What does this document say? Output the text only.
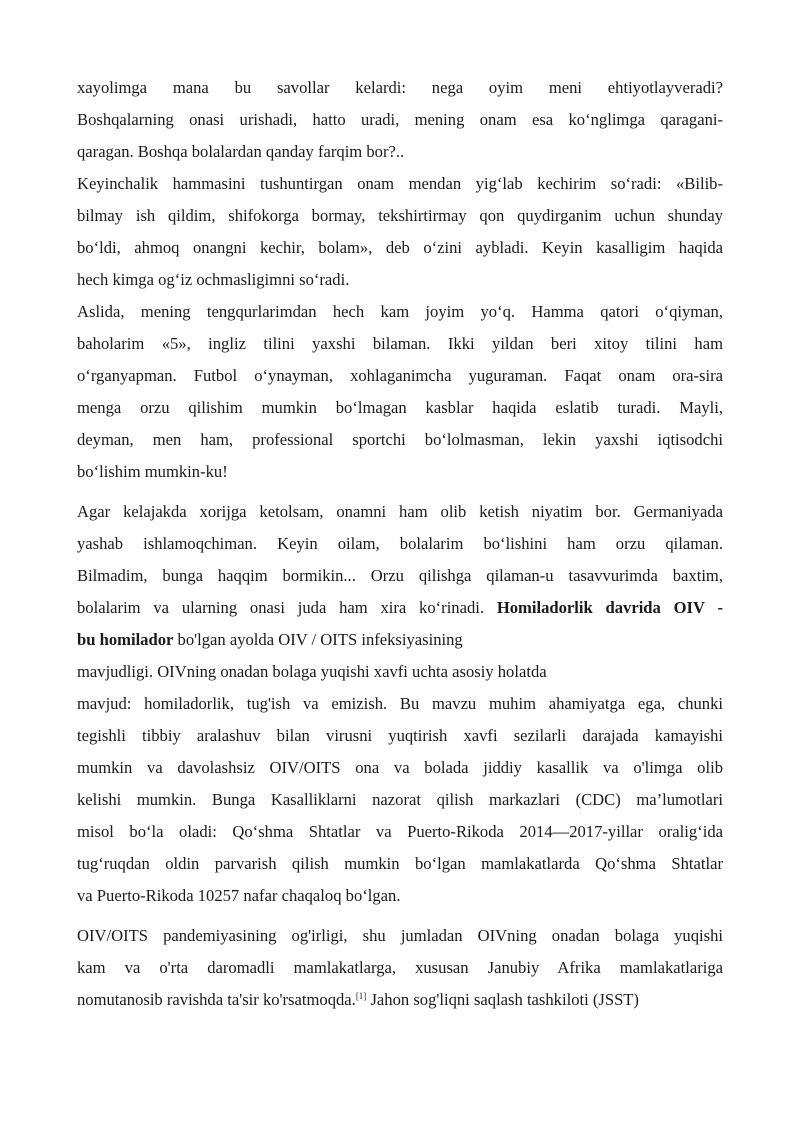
xayolimga mana bu savollar kelardi: nega oyim meni ehtiyotlayveradi?
Boshqalarning onasi urishadi, hatto uradi, mening onam esa ko‘nglimga qaragani-
qaragan. Boshqa bolalardan qanday farqim bor?..

Keyinchalik hammasini tushuntirgan onam mendan yig‘lab kechirim so‘radi: «Bilib-
bilmay ish qildim, shifokorga bormay, tekshirtirmay qon quydirganim uchun shunday
bo‘ldi, ahmoq onangni kechir, bolam», deb o‘zini aybladi. Keyin kasalligim haqida
hech kimga og‘iz ochmasligimni so‘radi.

Aslida, mening tengqurlarimdan hech kam joyim yo‘q. Hamma qatori o‘qiyman,
baholarim «5», ingliz tilini yaxshi bilaman. Ikki yildan beri xitoy tilini ham
o‘rganyapman. Futbol o‘ynayman, xohlaganimcha yuguraman. Faqat onam ora-sira
menga orzu qilishim mumkin bo‘lmagan kasblar haqida eslatib turadi. Mayli,
deyman, men ham, professional sportchi bo‘lolmasman, lekin yaxshi iqtisodchi
bo‘lishim mumkin-ku!

Agar kelajakda xorijga ketolsam, onamni ham olib ketish niyatim bor. Germaniyada
yashab ishlamoqchiman. Keyin oilam, bolalarim bo‘lishini ham orzu qilaman.
Bilmadim, bunga haqqim bormikin... Orzu qilishga qilaman-u tasavvurimda baxtim,
bolalarim va ularning onasi juda ham xira ko‘rinadi. Homiladorlik davrida OIV -
bu homilador bo'lgan ayolda OIV / OITS infeksiyasining
mavjudligi. OIVning onadan bolaga yuqishi xavfi uchta asosiy holatda
mavjud: homiladorlik, tug'ish va emizish. Bu mavzu muhim ahamiyatga ega, chunki
tegishli tibbiy aralashuv bilan virusni yuqtirish xavfi sezilarli darajada kamayishi
mumkin va davolashsiz OIV/OITS ona va bolada jiddiy kasallik va o'limga olib
kelishi mumkin. Bunga Kasalliklarni nazorat qilish markazlari (CDC) ma’lumotlari
misol bo‘la oladi: Qo‘shma Shtatlar va Puerto-Rikoda 2014—2017-yillar oralig‘ida
tug‘ruqdan oldin parvarish qilish mumkin bo‘lgan mamlakatlarda Qo‘shma Shtatlar
va Puerto-Rikoda 10257 nafar chaqaloq bo‘lgan.

OIV/OITS pandemiyasining og'irligi, shu jumladan OIVning onadan bolaga yuqishi
kam va o'rta daromadli mamlakatlarga, xususan Janubiy Afrika mamlakatlariga
nomutanosib ravishda ta'sir ko'rsatmoqda.[1] Jahon sog'liqni saqlash tashkiloti (JSST)
